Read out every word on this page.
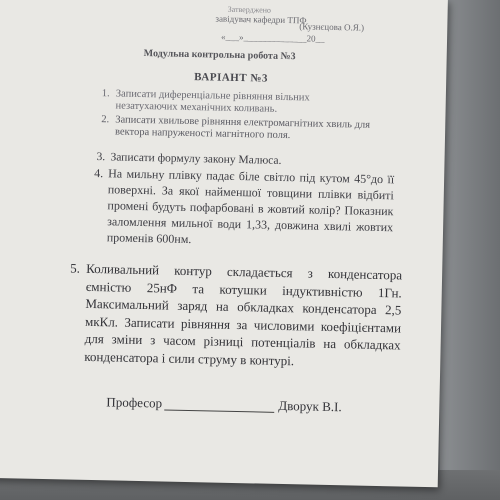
Затверджено
завідувач кафедри ТПФ
(Кузнєцова О.Я.)
«___»______________20__
Модульна контрольна робота №3
ВАРІАНТ №3
1. Записати диференціальне рівняння вільних незатухаючих механічних коливань.
2. Записати хвильове рівняння електромагнітних хвиль для вектора напруженості магнітного поля.
3. Записати формулу закону Малюса.
4. На мильну плівку падає біле світло під кутом 45°до її поверхні. За якої найменшої товщини плівки відбиті промені будуть пофарбовані в жовтий колір? Показник заломлення мильної води 1,33, довжина хвилі жовтих променів 600нм.
5. Коливальний контур складається з конденсатора ємністю 25нФ та котушки індуктивністю 1Гн. Максимальний заряд на обкладках конденсатора 2,5 мкКл. Записати рівняння за числовими коефіцієнтами для зміни з часом різниці потенціалів на обкладках конденсатора і сили струму в контурі.
Професор	Дворук В.І.
